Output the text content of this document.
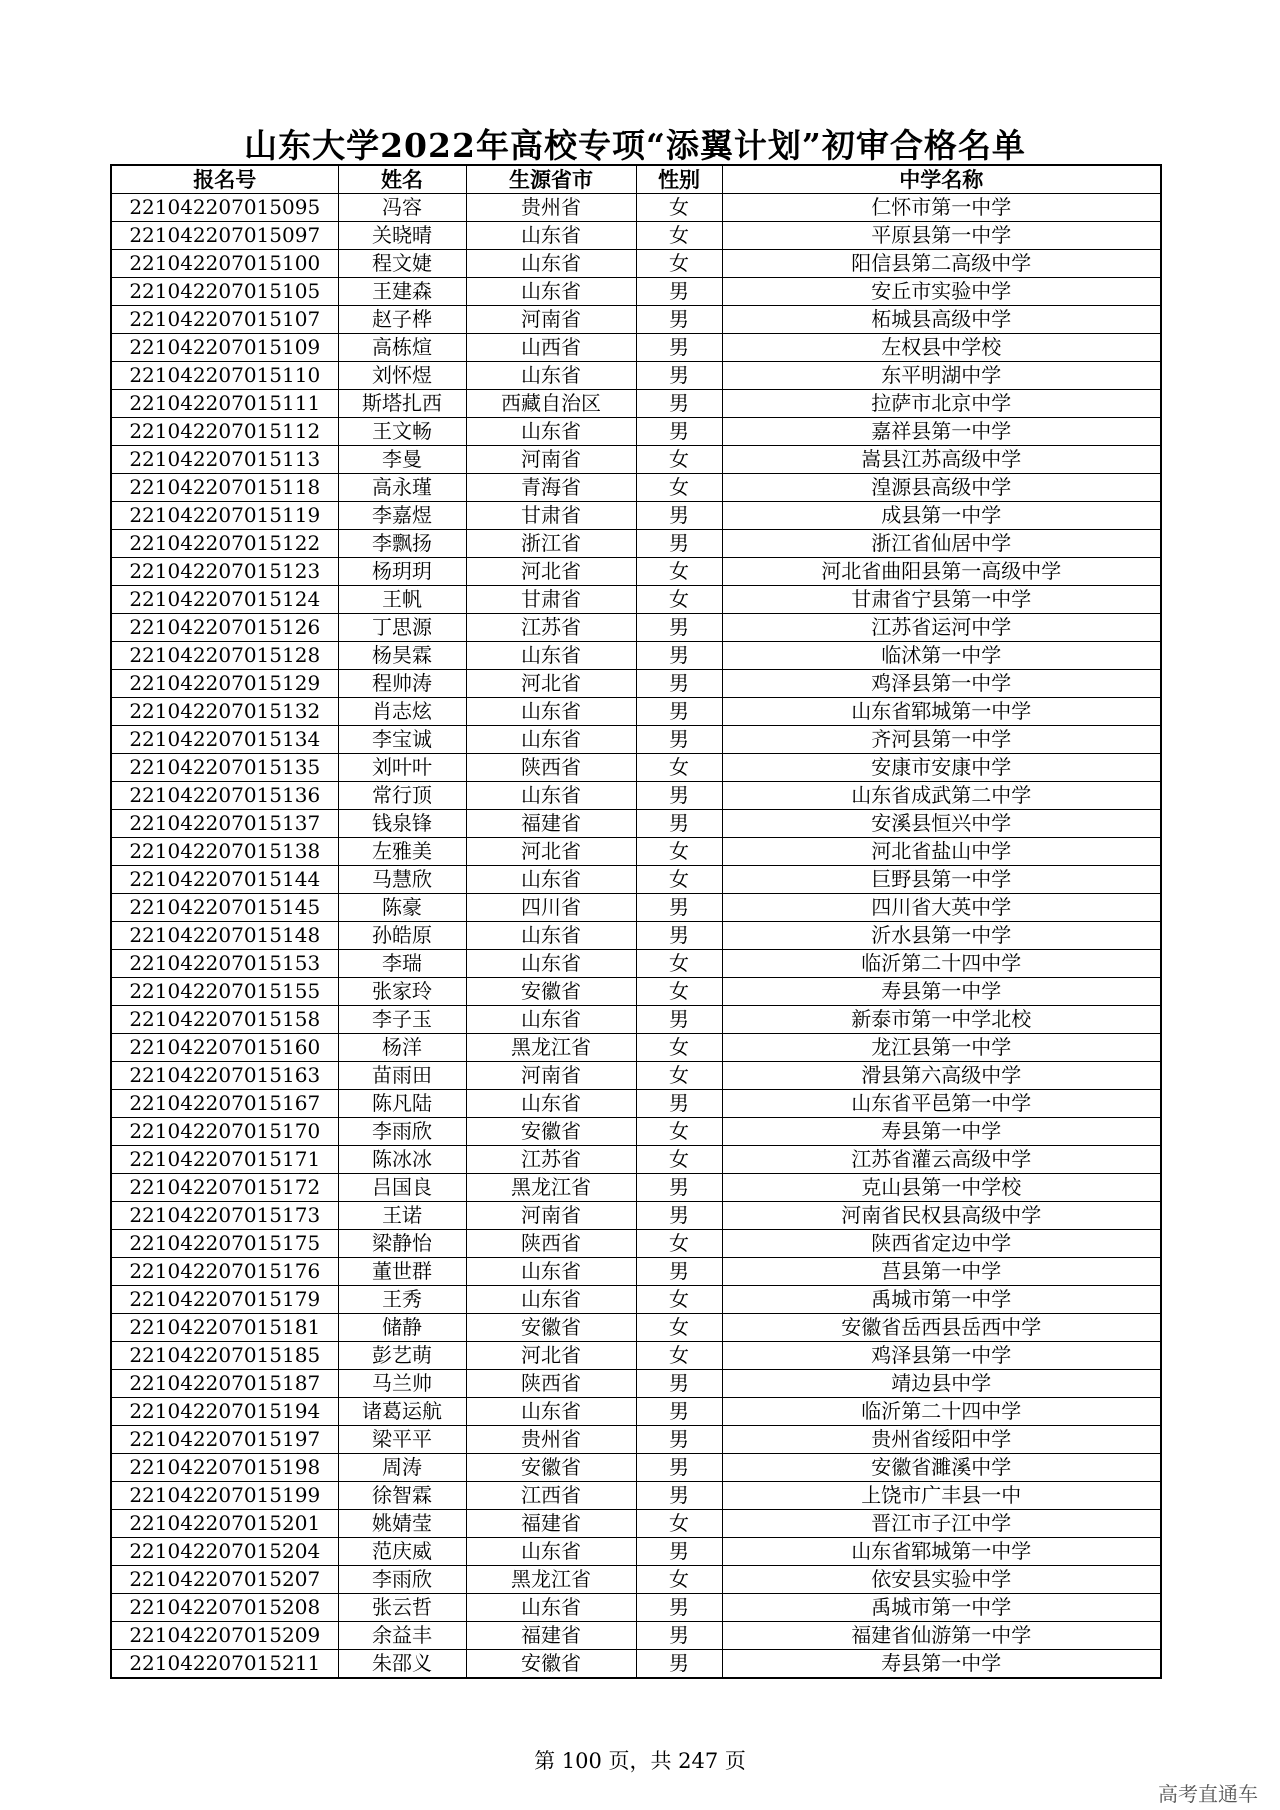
山东大学2022年高校专项“添翼计划”初审合格名单
报名号	姓名	生源省市	性别	中学名称
221042207015095	冯容	贵州省	女	仁怀市第一中学
221042207015097	关晓晴	山东省	女	平原县第一中学
221042207015100	程文婕	山东省	女	阳信县第二高级中学
221042207015105	王建森	山东省	男	安丘市实验中学
221042207015107	赵子桦	河南省	男	柘城县高级中学
221042207015109	高栋煊	山西省	男	左权县中学校
221042207015110	刘怀煜	山东省	男	东平明湖中学
221042207015111	斯塔扎西	西藏自治区	男	拉萨市北京中学
221042207015112	王文畅	山东省	男	嘉祥县第一中学
221042207015113	李曼	河南省	女	嵩县江苏高级中学
221042207015118	高永瑾	青海省	女	湟源县高级中学
221042207015119	李嘉煜	甘肃省	男	成县第一中学
221042207015122	李飘扬	浙江省	男	浙江省仙居中学
221042207015123	杨玥玥	河北省	女	河北省曲阳县第一高级中学
221042207015124	王帆	甘肃省	女	甘肃省宁县第一中学
221042207015126	丁思源	江苏省	男	江苏省运河中学
221042207015128	杨昊霖	山东省	男	临沭第一中学
221042207015129	程帅涛	河北省	男	鸡泽县第一中学
221042207015132	肖志炫	山东省	男	山东省郓城第一中学
221042207015134	李宝诚	山东省	男	齐河县第一中学
221042207015135	刘叶叶	陕西省	女	安康市安康中学
221042207015136	常行顶	山东省	男	山东省成武第二中学
221042207015137	钱泉锋	福建省	男	安溪县恒兴中学
221042207015138	左雅美	河北省	女	河北省盐山中学
221042207015144	马慧欣	山东省	女	巨野县第一中学
221042207015145	陈豪	四川省	男	四川省大英中学
221042207015148	孙皓原	山东省	男	沂水县第一中学
221042207015153	李瑞	山东省	女	临沂第二十四中学
221042207015155	张家玲	安徽省	女	寿县第一中学
221042207015158	李子玉	山东省	男	新泰市第一中学北校
221042207015160	杨洋	黑龙江省	女	龙江县第一中学
221042207015163	苗雨田	河南省	女	滑县第六高级中学
221042207015167	陈凡陆	山东省	男	山东省平邑第一中学
221042207015170	李雨欣	安徽省	女	寿县第一中学
221042207015171	陈冰冰	江苏省	女	江苏省灌云高级中学
221042207015172	吕国良	黑龙江省	男	克山县第一中学校
221042207015173	王诺	河南省	男	河南省民权县高级中学
221042207015175	梁静怡	陕西省	女	陕西省定边中学
221042207015176	董世群	山东省	男	莒县第一中学
221042207015179	王秀	山东省	女	禹城市第一中学
221042207015181	储静	安徽省	女	安徽省岳西县岳西中学
221042207015185	彭艺萌	河北省	女	鸡泽县第一中学
221042207015187	马兰帅	陕西省	男	靖边县中学
221042207015194	诸葛运航	山东省	男	临沂第二十四中学
221042207015197	梁平平	贵州省	男	贵州省绥阳中学
221042207015198	周涛	安徽省	男	安徽省濉溪中学
221042207015199	徐智霖	江西省	男	上饶市广丰县一中
221042207015201	姚婧莹	福建省	女	晋江市子江中学
221042207015204	范庆威	山东省	男	山东省郓城第一中学
221042207015207	李雨欣	黑龙江省	女	依安县实验中学
221042207015208	张云哲	山东省	男	禹城市第一中学
221042207015209	余益丰	福建省	男	福建省仙游第一中学
221042207015211	朱邵义	安徽省	男	寿县第一中学
第 100 页，共 247 页
高考直通车
